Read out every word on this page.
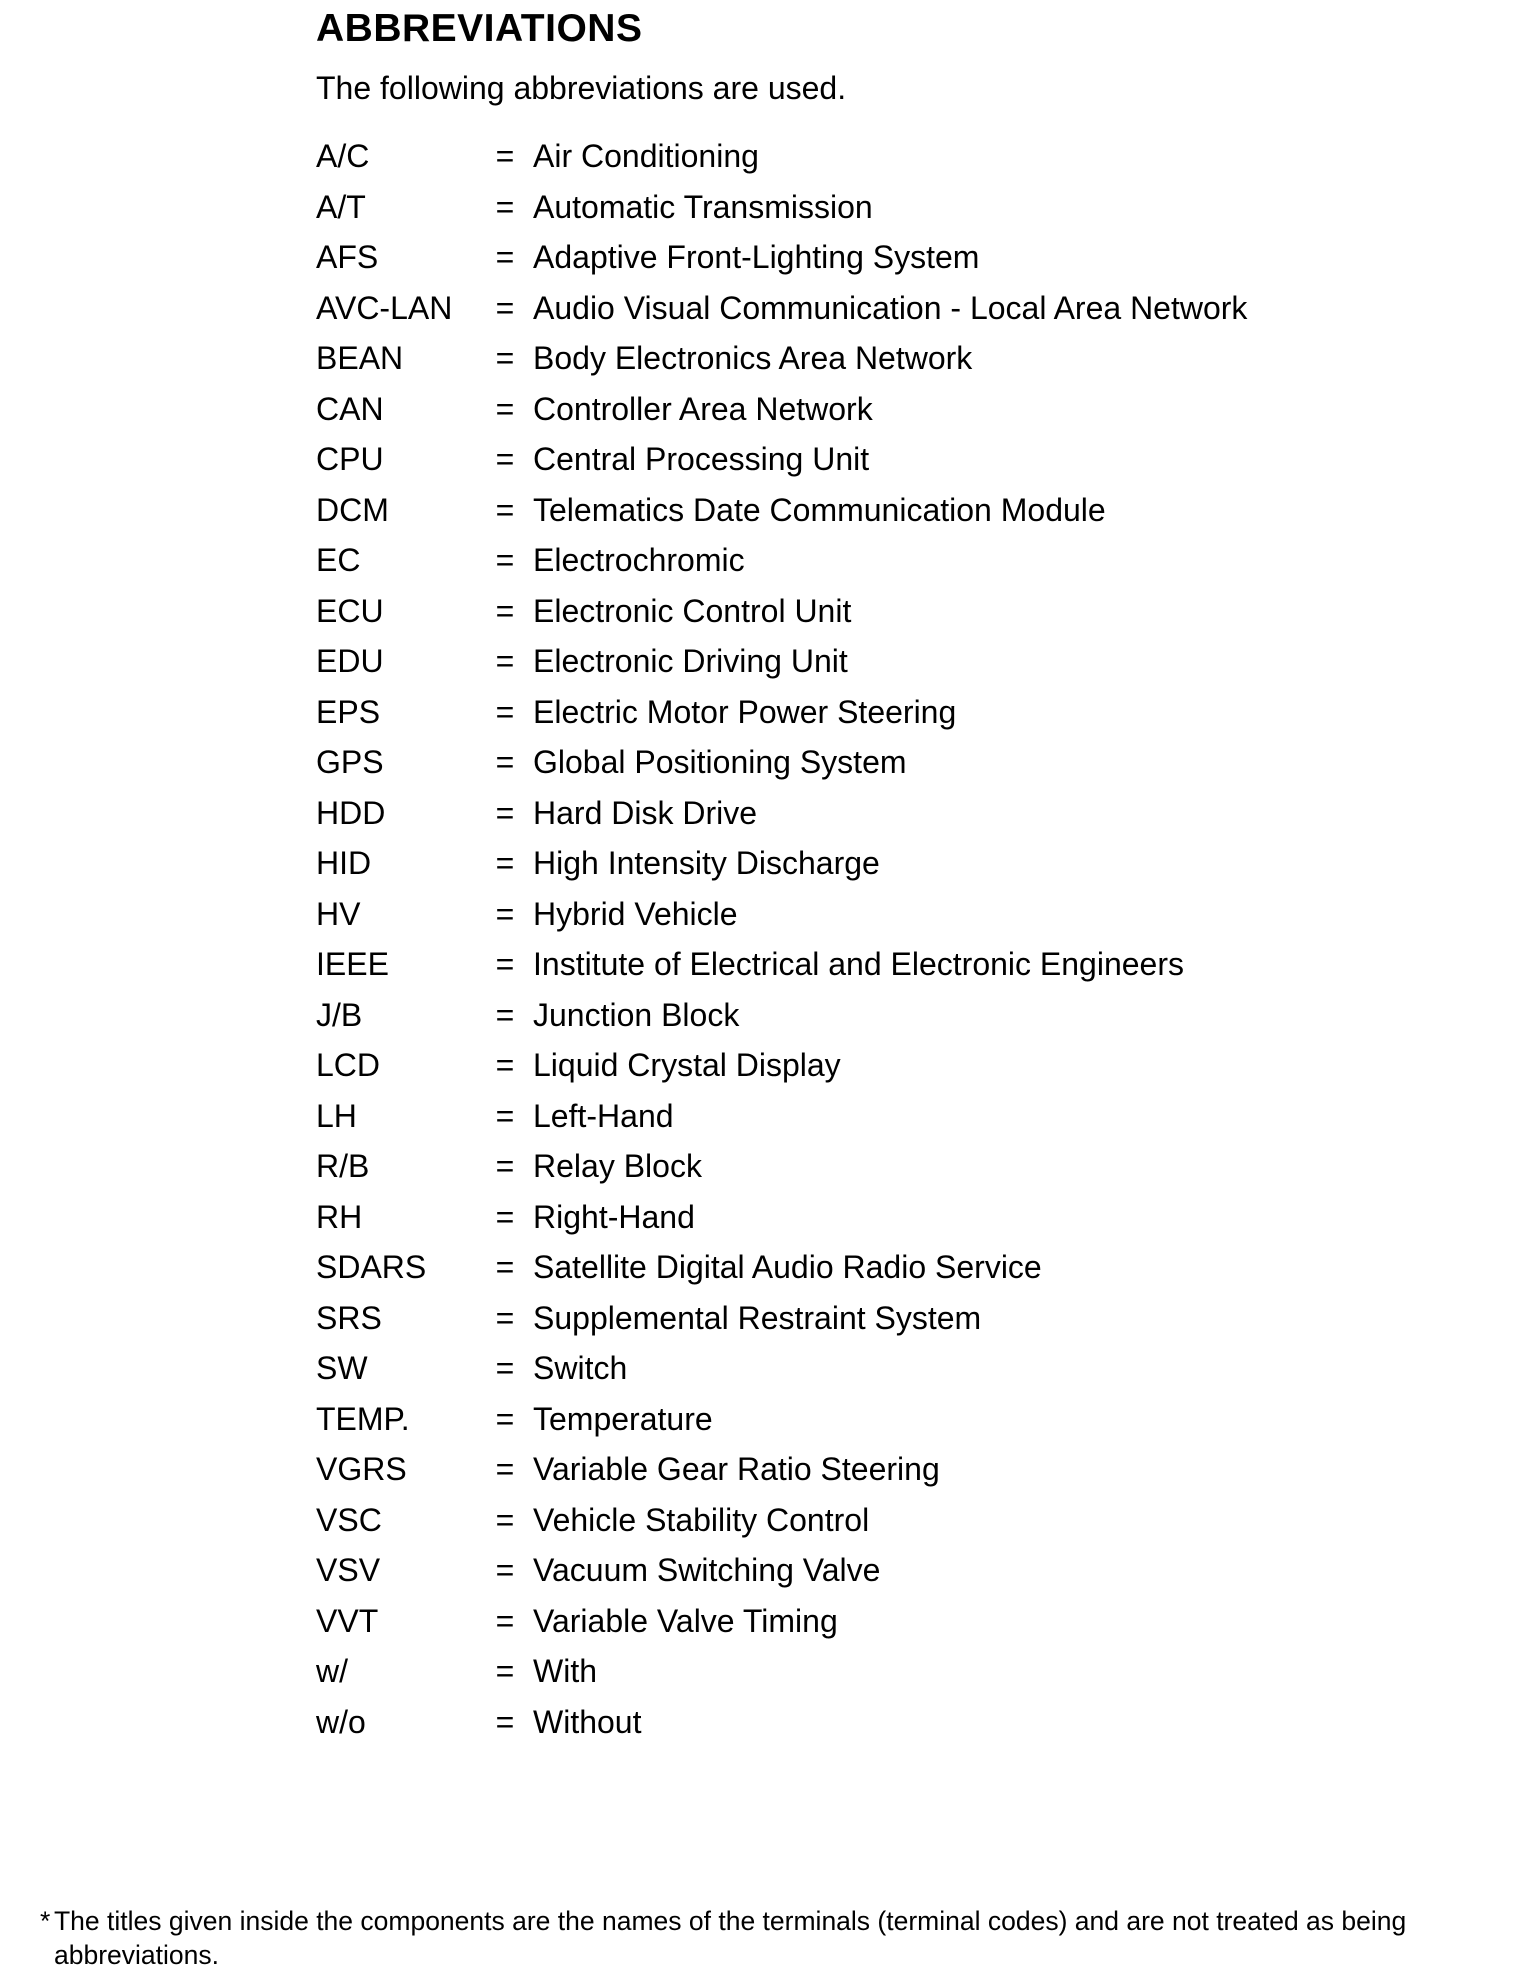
ABBREVIATIONS

The following abbreviations are used.

A/C	= Air Conditioning
A/T	= Automatic Transmission
AFS	= Adaptive Front-Lighting System
AVC-LAN = Audio Visual Communication - Local Area Network
BEAN	= Body Electronics Area Network
CAN	= Controller Area Network
CPU	= Central Processing Unit
DCM	= Telematics Date Communication Module
EC	= Electrochromic
ECU	= Electronic Control Unit
EDU	= Electronic Driving Unit
EPS	= Electric Motor Power Steering
GPS	= Global Positioning System
HDD	= Hard Disk Drive
HID	= High Intensity Discharge
HV	= Hybrid Vehicle
IEEE	= Institute of Electrical and Electronic Engineers
J/B	= Junction Block
LCD	= Liquid Crystal Display
LH	= Left-Hand
R/B	= Relay Block
RH	= Right-Hand
SDARS = Satellite Digital Audio Radio Service
SRS	= Supplemental Restraint System
SW	= Switch
TEMP.	= Temperature
VGRS	= Variable Gear Ratio Steering
VSC	= Vehicle Stability Control
VSV	= Vacuum Switching Valve
VVT	= Variable Valve Timing
w/	= With
w/o	= Without

* The titles given inside the components are the names of the terminals (terminal codes) and are not treated as being
abbreviations.
